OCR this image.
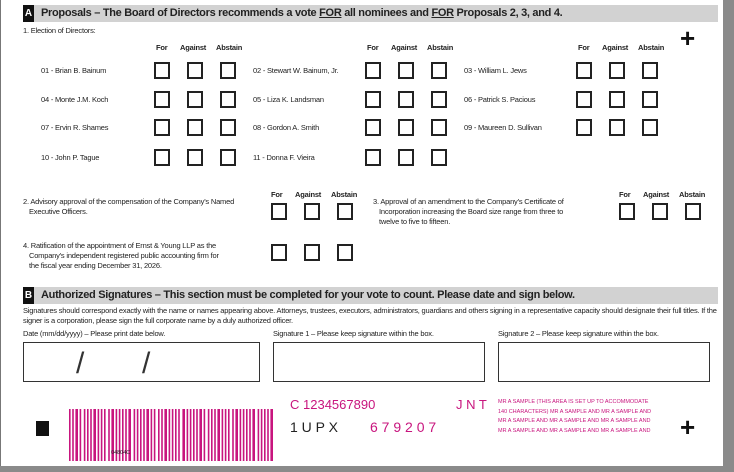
A Proposals – The Board of Directors recommends a vote FOR all nominees and FOR Proposals 2, 3, and 4.
1. Election of Directors:	+
For Against Abstain	For Against Abstain	For Against Abstain
01 - Brian B. Bainum	02 - Stewart W. Bainum, Jr.	03 - William L. Jews
04 - Monte J.M. Koch	05 - Liza K. Landsman	06 - Patrick S. Pacious
07 - Ervin R. Shames	08 - Gordon A. Smith	09 - Maureen D. Sullivan
10 - John P. Tague	11 - Donna F. Vieira
2. Advisory approval of the compensation of the Company's Named
Executive Officers.
For Against Abstain
3. Approval of an amendment to the Company's Certificate of
Incorporation increasing the Board size range from three to
twelve to five to fifteen.
For Against Abstain
4. Ratification of the appointment of Ernst & Young LLP as the
Company's independent registered public accounting firm for
the fiscal year ending December 31, 2026.
B Authorized Signatures – This section must be completed for your vote to count. Please date and sign below.
Signatures should correspond exactly with the name or names appearing above. Attorneys, trustees, executors, administrators, guardians and others signing in a representative capacity should designate their full titles. If the signer is a corporation, please sign the full corporate name by a duly authorized officer.
Date (mm/dd/yyyy) – Please print date below.	Signature 1 – Please keep signature within the box.	Signature 2 – Please keep signature within the box.
/ /
04804C
C 1234567890	J N T
1 U P X 6 7 9 2 0 7
MR A SAMPLE (THIS AREA IS SET UP TO ACCOMMODATE
140 CHARACTERS) MR A SAMPLE AND MR A SAMPLE AND
MR A SAMPLE AND MR A SAMPLE AND MR A SAMPLE AND
MR A SAMPLE AND MR A SAMPLE AND MR A SAMPLE AND +
